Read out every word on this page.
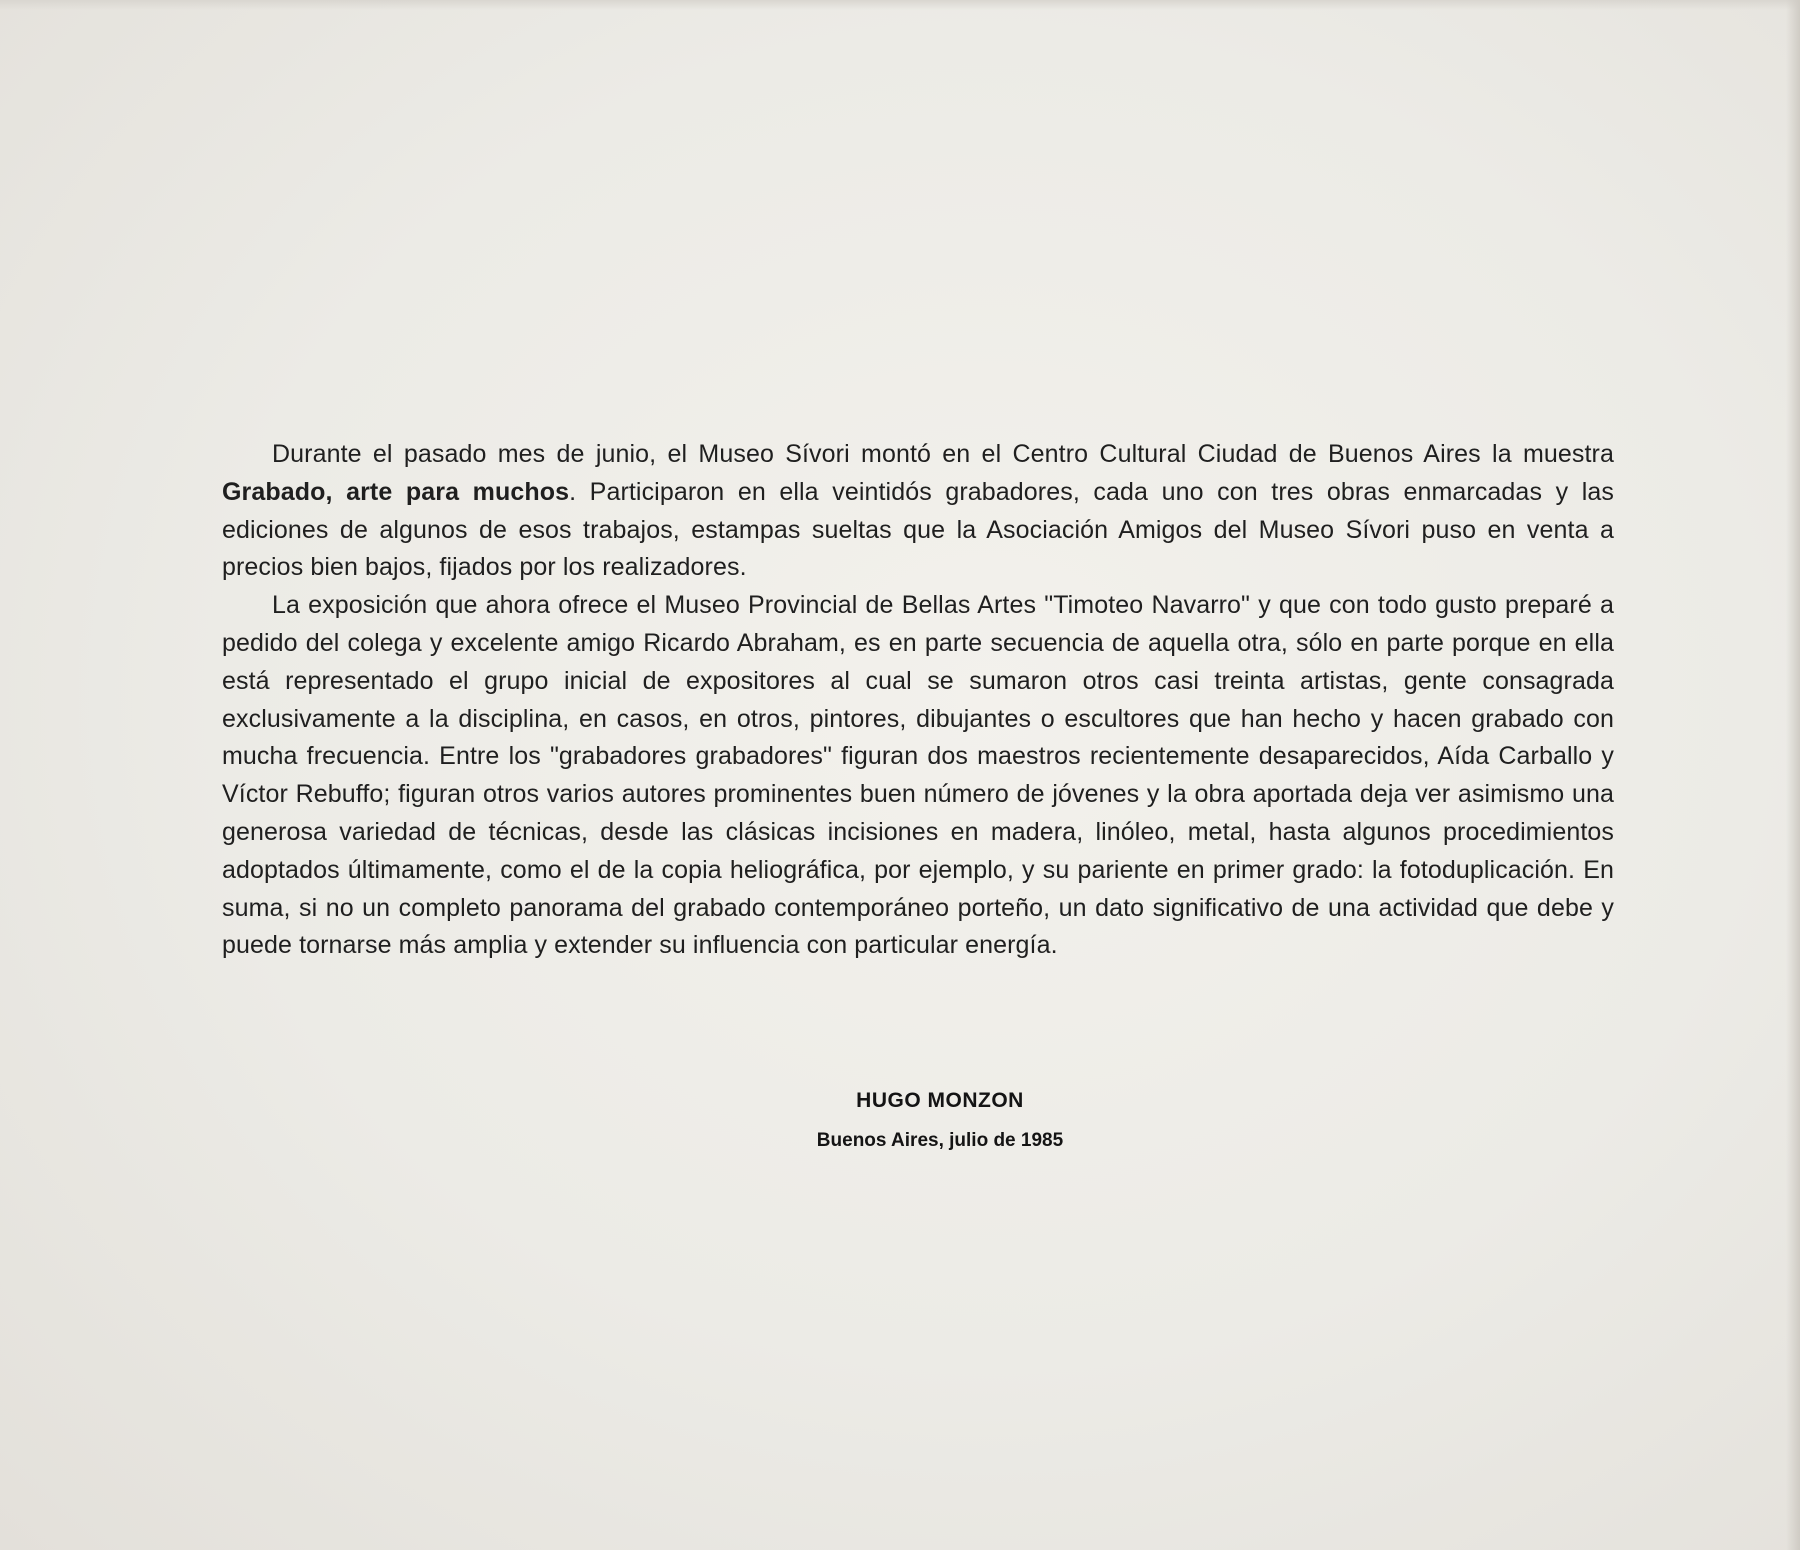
Durante el pasado mes de junio, el Museo Sívori montó en el Centro Cultural Ciudad de Buenos Aires la muestra Grabado, arte para muchos. Participaron en ella veintidós grabadores, cada uno con tres obras enmarcadas y las ediciones de algunos de esos trabajos, estampas sueltas que la Asociación Amigos del Museo Sívori puso en venta a precios bien bajos, fijados por los realizadores.

La exposición que ahora ofrece el Museo Provincial de Bellas Artes "Timoteo Navarro" y que con todo gusto preparé a pedido del colega y excelente amigo Ricardo Abraham, es en parte secuencia de aquella otra, sólo en parte porque en ella está representado el grupo inicial de expositores al cual se sumaron otros casi treinta artistas, gente consagrada exclusivamente a la disciplina, en casos, en otros, pintores, dibujantes o escultores que han hecho y hacen grabado con mucha frecuencia. Entre los "grabadores grabadores" figuran dos maestros recientemente desaparecidos, Aída Carballo y Víctor Rebuffo; figuran otros varios autores prominentes buen número de jóvenes y la obra aportada deja ver asimismo una generosa variedad de técnicas, desde las clásicas incisiones en madera, linóleo, metal, hasta algunos procedimientos adoptados últimamente, como el de la copia heliográfica, por ejemplo, y su pariente en primer grado: la fotoduplicación. En suma, si no un completo panorama del grabado contemporáneo porteño, un dato significativo de una actividad que debe y puede tornarse más amplia y extender su influencia con particular energía.

HUGO MONZON
Buenos Aires, julio de 1985
